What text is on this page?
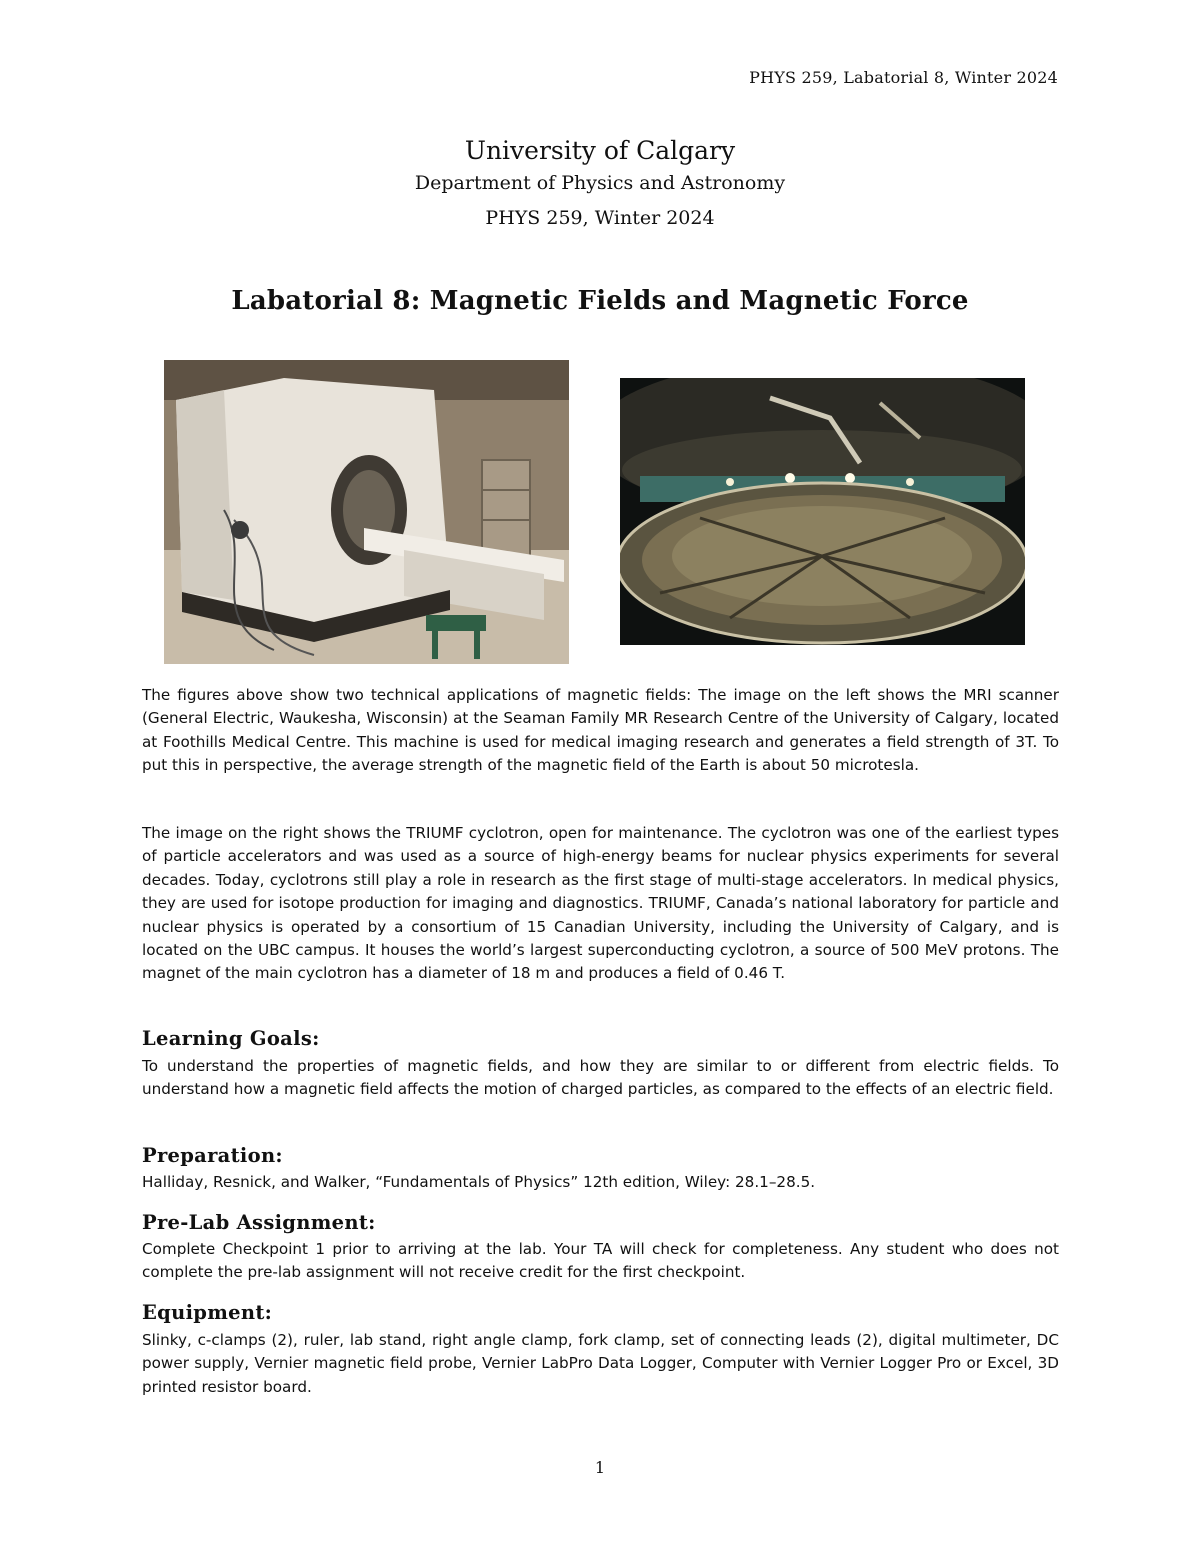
PHYS 259, Labatorial 8, Winter 2024

University of Calgary

Department of Physics and Astronomy

PHYS 259, Winter 2024

Labatorial 8: Magnetic Fields and Magnetic Force

The figures above show two technical applications of magnetic fields: The image on the left shows the MRI scanner (General Electric, Waukesha, Wisconsin) at the Seaman Family MR Research Centre of the University of Calgary, located at Foothills Medical Centre. This machine is used for medical imaging research and generates a field strength of 3T. To put this in perspective, the average strength of the magnetic field of the Earth is about 50 microtesla.

The image on the right shows the TRIUMF cyclotron, open for maintenance. The cyclotron was one of the earliest types of particle accelerators and was used as a source of high-energy beams for nuclear physics experiments for several decades. Today, cyclotrons still play a role in research as the first stage of multi-stage accelerators. In medical physics, they are used for isotope production for imaging and diagnostics. TRIUMF, Canada’s national laboratory for particle and nuclear physics is operated by a consortium of 15 Canadian University, including the University of Calgary, and is located on the UBC campus. It houses the world’s largest superconducting cyclotron, a source of 500 MeV protons. The magnet of the main cyclotron has a diameter of 18 m and produces a field of 0.46 T.

Learning Goals:

To understand the properties of magnetic fields, and how they are similar to or different from electric fields. To understand how a magnetic field affects the motion of charged particles, as compared to the effects of an electric field.

Preparation:

Halliday, Resnick, and Walker, “Fundamentals of Physics” 12th edition, Wiley: 28.1–28.5.

Pre-Lab Assignment:

Complete Checkpoint 1 prior to arriving at the lab. Your TA will check for completeness. Any student who does not complete the pre-lab assignment will not receive credit for the first checkpoint.

Equipment:

Slinky, c-clamps (2), ruler, lab stand, right angle clamp, fork clamp, set of connecting leads (2), digital multimeter, DC power supply, Vernier magnetic field probe, Vernier LabPro Data Logger, Computer with Vernier Logger Pro or Excel, 3D printed resistor board.

1
